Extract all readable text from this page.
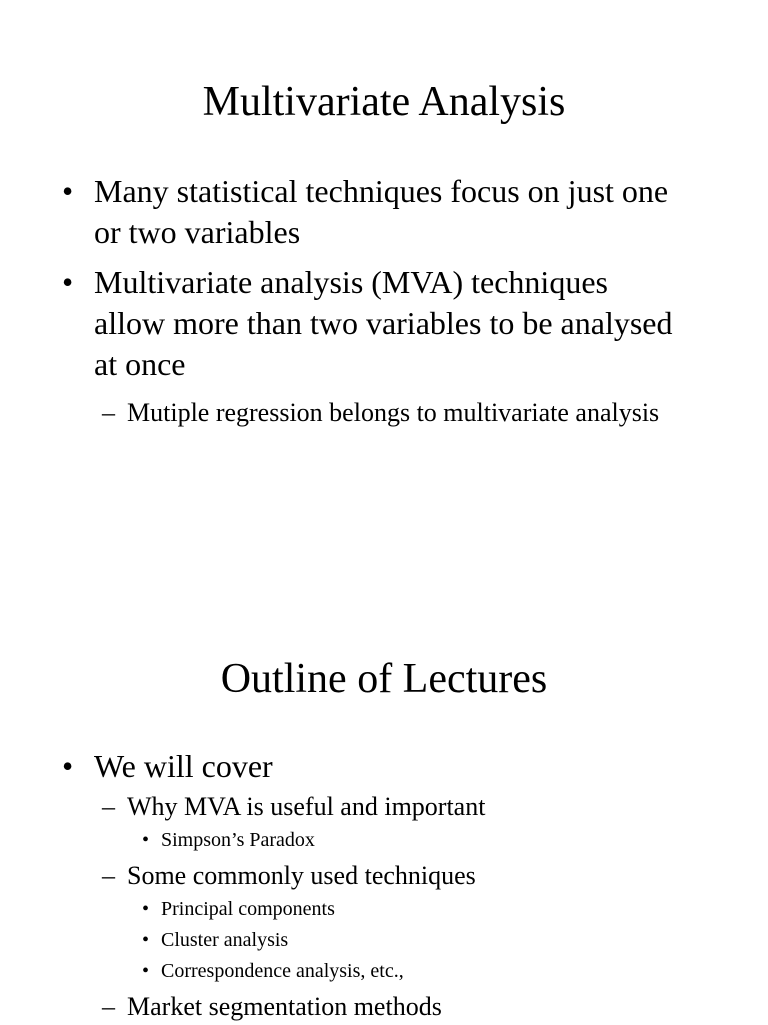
Multivariate Analysis
• Many statistical techniques focus on just one or two variables
• Multivariate analysis (MVA) techniques allow more than two variables to be analysed at once
– Mutiple regression belongs to multivariate analysis
Outline of Lectures
• We will cover
– Why MVA is useful and important
• Simpson’s Paradox
– Some commonly used techniques
• Principal components
• Cluster analysis
• Correspondence analysis, etc.,
– Market segmentation methods
